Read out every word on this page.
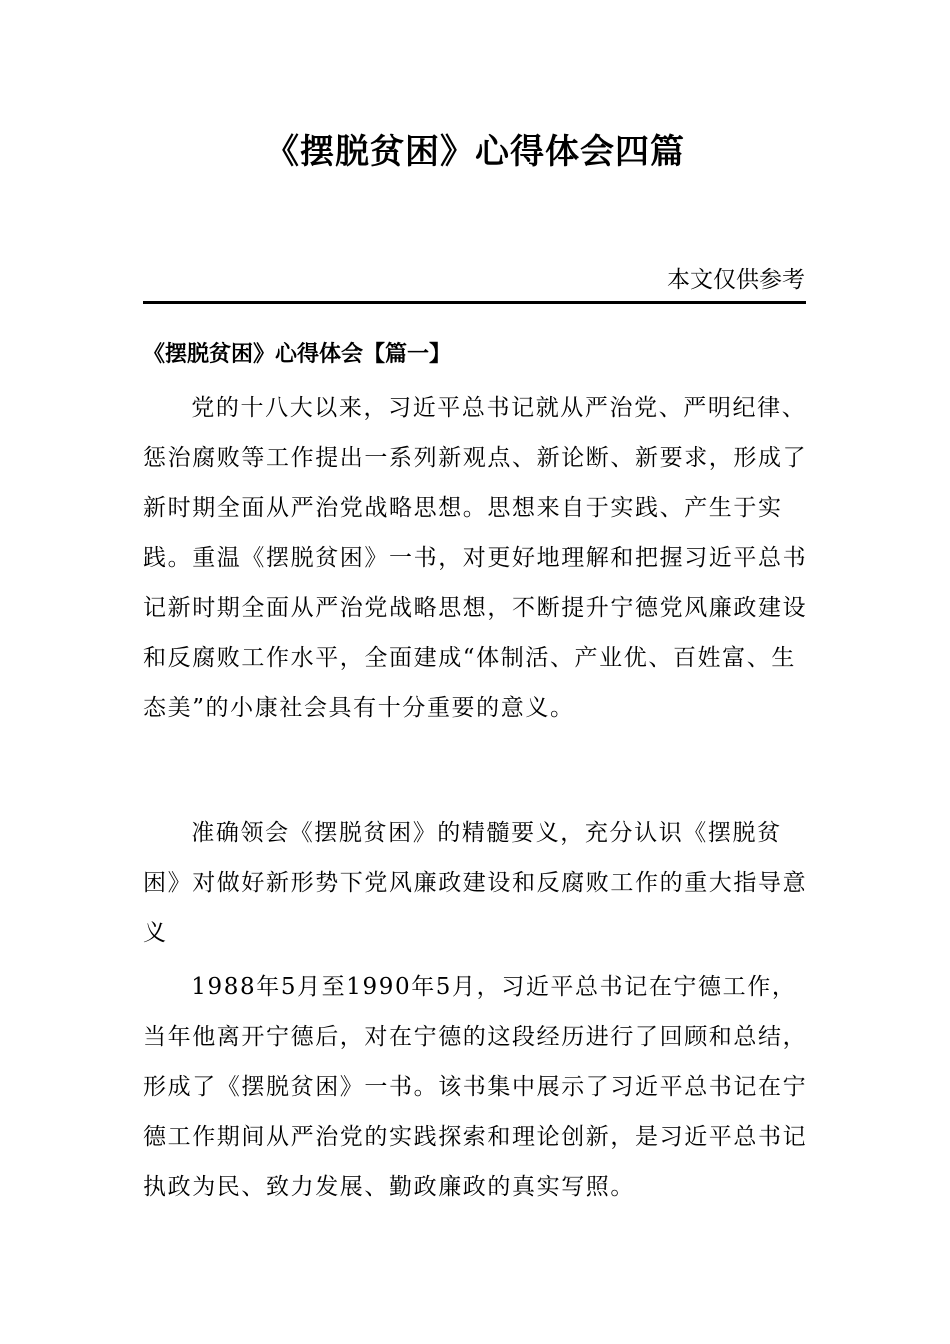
《摆脱贫困》心得体会四篇
本文仅供参考
《摆脱贫困》心得体会【篇一】

党的十八大以来，习近平总书记就从严治党、严明纪律、惩治腐败等工作提出一系列新观点、新论断、新要求，形成了新时期全面从严治党战略思想。思想来自于实践、产生于实践。重温《摆脱贫困》一书，对更好地理解和把握习近平总书记新时期全面从严治党战略思想，不断提升宁德党风廉政建设和反腐败工作水平，全面建成“体制活、产业优、百姓富、生态美”的小康社会具有十分重要的意义。

准确领会《摆脱贫困》的精髓要义，充分认识《摆脱贫困》对做好新形势下党风廉政建设和反腐败工作的重大指导意义

1988年5月至1990年5月，习近平总书记在宁德工作，当年他离开宁德后，对在宁德的这段经历进行了回顾和总结，形成了《摆脱贫困》一书。该书集中展示了习近平总书记在宁德工作期间从严治党的实践探索和理论创新，是习近平总书记执政为民、致力发展、勤政廉政的真实写照。
